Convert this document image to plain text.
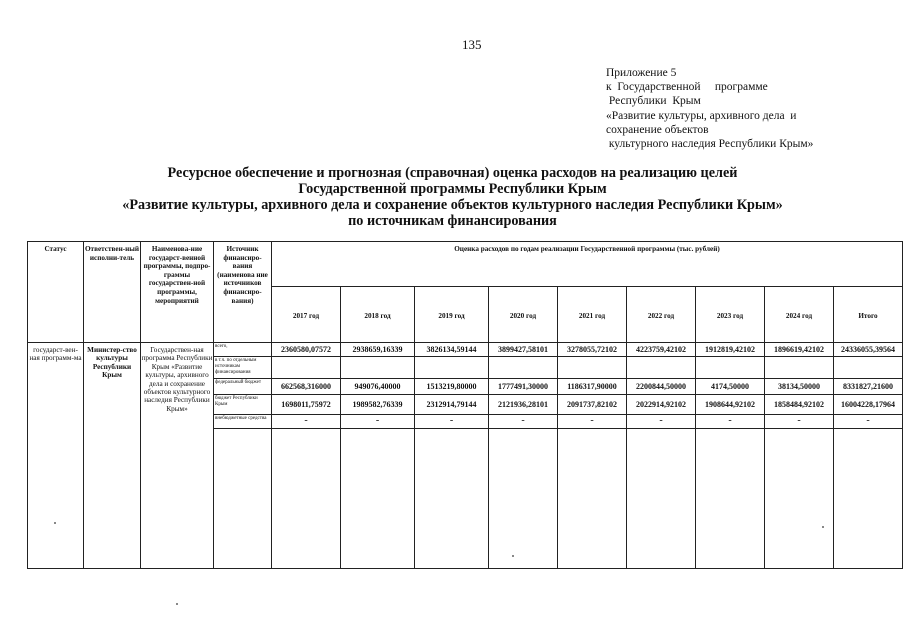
135
Приложение 5
к  Государственной     программе
Республики  Крым
«Развитие культуры, архивного дела  и
сохранение объектов
культурного наследия Республики Крым»
Ресурсное обеспечение и прогнозная (справочная) оценка расходов на реализацию целей
Государственной программы Республики Крым
«Развитие культуры, архивного дела и сохранение объектов культурного наследия Республики Крым»
по источникам финансирования
Статус	Ответствен-ный исполни-тель	Наименова-ние государст-венной программы, подпро-граммы государствен-ной программы, мероприятий	Источник финансиро-вания (наименова ние источников финансиро-вания)	Оценка расходов по годам реализации Государственной программы (тыс. рублей)								
				2017 год	2018 год	2019 год	2020 год	2021 год	2022 год	2023 год	2024 год	Итого
государст-вен-ная программ-ма	Министер-ство культуры Республики Крым	Государствен-ная программа Республики Крым «Развитие культуры, архивного дела и сохранение объектов культурного наследия Республики Крым»	всего,	2360580,07572	2938659,16339	3826134,59144	3899427,58101	3278055,72102	4223759,42102	1912819,42102	1896619,42102	24336055,39564
			в т.ч. по отдельным источникам финансирования									
			федеральный бюджет	662568,316000	949076,40000	1513219,80000	1777491,30000	1186317,90000	2200844,50000	4174,50000	38134,50000	8331827,21600
			бюджет Республики Крым	1698011,75972	1989582,76339	2312914,79144	2121936,28101	2091737,82102	2022914,92102	1908644,92102	1858484,92102	16004228,17964
			внебюджетные средства	-	-	-	-	-	-	-	-	-
